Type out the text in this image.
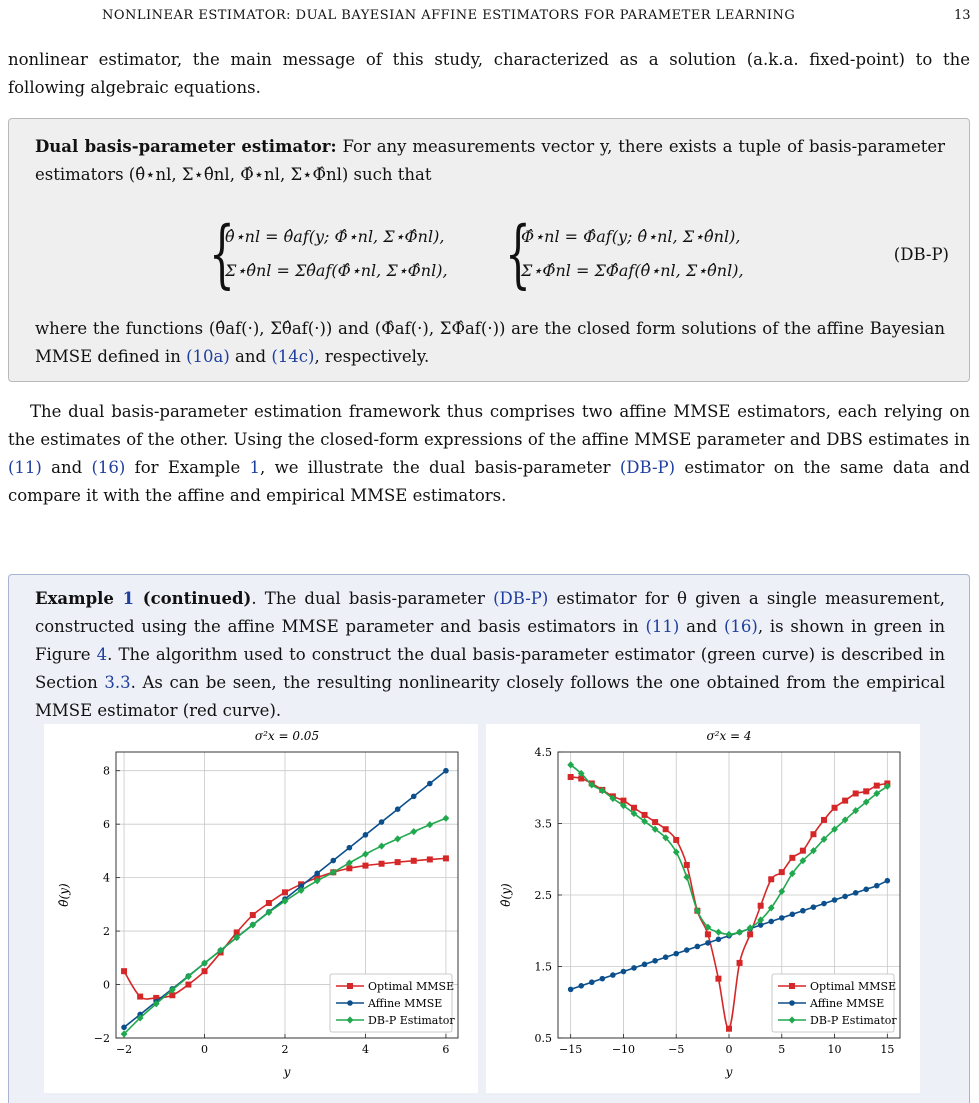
NONLINEAR ESTIMATOR: DUAL BAYESIAN AFFINE ESTIMATORS FOR PARAMETER LEARNING	13

nonlinear estimator, the main message of this study, characterized as a solution (a.k.a. fixed-point) to the following algebraic equations.

Dual basis-parameter estimator: For any measurements vector y, there exists a tuple of basis-parameter estimators (θ̂⋆nl, Σ⋆θ̂nl, Φ̂⋆nl, Σ⋆Φ̂nl) such that
{
θ̂⋆nl = θ̂af(y; Φ̂⋆nl, Σ⋆Φ̂nl),
Σ⋆θ̂nl = Σθ̂af(Φ̂⋆nl, Σ⋆Φ̂nl), {
Φ̂⋆nl = Φ̂af(y; θ̂⋆nl, Σ⋆θ̂nl),
Σ⋆Φ̂nl = ΣΦ̂af(θ̂⋆nl, Σ⋆θ̂nl),
(DB-P)
where the functions (θ̂af(·), Σθ̂af(·)) and (Φ̂af(·), ΣΦ̂af(·)) are the closed form solutions of the affine Bayesian MMSE defined in (10a) and (14c), respectively.

The dual basis-parameter estimation framework thus comprises two affine MMSE estimators, each relying on the estimates of the other. Using the closed-form expressions of the affine MMSE parameter and DBS estimates in (11) and (16) for Example 1, we illustrate the dual basis-parameter (DB-P) estimator on the same data and compare it with the affine and empirical MMSE estimators.

Example 1 (continued). The dual basis-parameter (DB-P) estimator for θ given a single measurement, constructed using the affine MMSE parameter and basis estimators in (11) and (16), is shown in green in Figure 4. The algorithm used to construct the dual basis-parameter estimator (green curve) is described in Section 3.3. As can be seen, the resulting nonlinearity closely follows the one obtained from the empirical MMSE estimator (red curve).
σ²x = 0.05
−2	0	2	4	6
−2
0
2
4
6
8
y
θ̂(y)
Optimal MMSE
Affine MMSE
DB-P Estimator
σ²x = 4
−15	−10	−5	0	5	10	15
0.5
1.5
2.5
3.5
4.5
y
θ̂(y)
Optimal MMSE
Affine MMSE
DB-P Estimator
